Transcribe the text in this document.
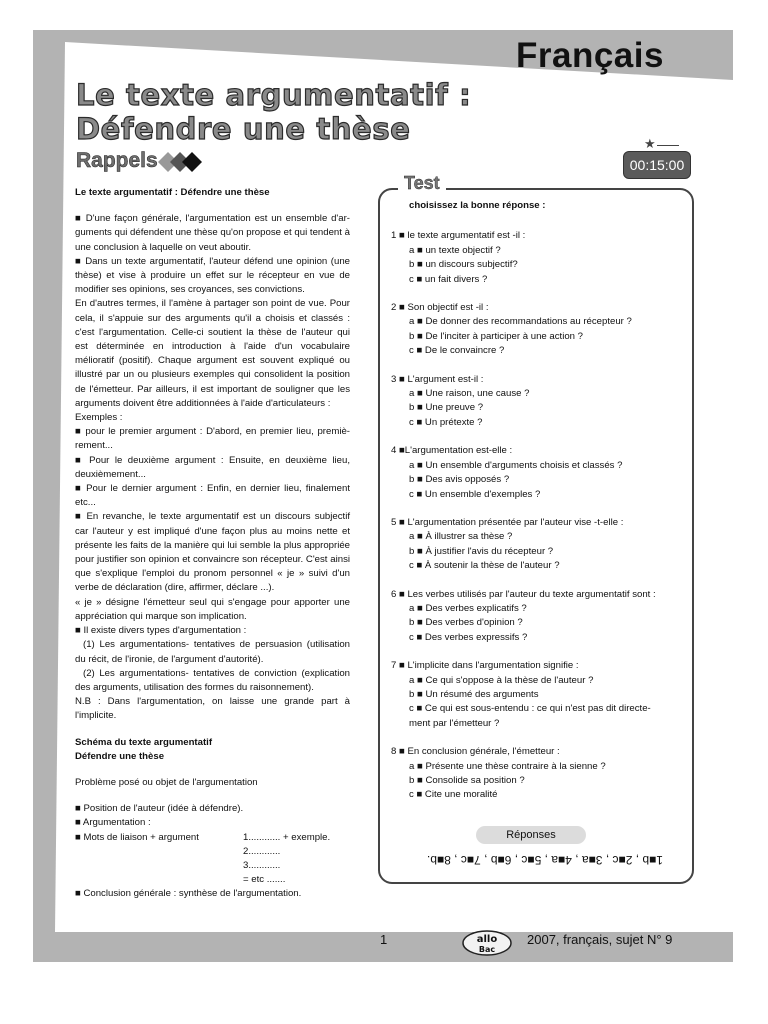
Français
Le texte argumentatif :
Défendre une thèse
Rappels
★
00:15:00

Le texte argumentatif : Défendre une thèse

■ D'une façon générale, l'argumentation est un ensemble d'arguments qui défendent une thèse qu'on propose et qui tendent à une conclusion à laquelle on veut aboutir.

■ Dans un texte argumentatif, l'auteur défend une opinion (une thèse) et vise à produire un effet sur le récepteur en vue de modifier ses opinions, ses croyances, ses convictions.

En d'autres termes, il l'amène à partager son point de vue. Pour cela, il s'appuie sur des arguments qu'il a choisis et classés : c'est l'argumentation. Celle-ci soutient la thèse de l'auteur qui est déterminée en introduction à l'aide d'un vocabulaire mélioratif (positif). Chaque argument est souvent expliqué ou illustré par un ou plusieurs exemples qui consolident la position de l'émetteur. Par ailleurs, il est important de souligner que les arguments doivent être additionnées à l'aide d'articulateurs :

Exemples :

■ pour le premier argument : D'abord, en premier lieu, premièrement...

■ Pour le deuxième argument : Ensuite, en deuxième lieu, deuxièmement...

■ Pour le dernier argument : Enfin, en dernier lieu, finalement etc...

■ En revanche, le texte argumentatif est un discours subjectif car l'auteur y est impliqué d'une façon plus au moins nette et présente les faits de la manière qui lui semble la plus appropriée pour justifier son opinion et convaincre son récepteur. C'est ainsi que s'explique l'emploi du pronom personnel « je » suivi d'un verbe de déclaration (dire, affirmer, déclare ...).

« je » désigne l'émetteur seul qui s'engage pour apporter une appréciation qui marque son implication.

■ Il existe divers types d'argumentation :

(1) Les argumentations- tentatives de persuasion (utilisation du récit, de l'ironie, de l'argument d'autorité).

(2) Les argumentations- tentatives de conviction (explication des arguments, utilisation des formes du raisonnement).

N.B : Dans l'argumentation, on laisse une grande part à l'implicite.

Schéma du texte argumentatif

Défendre une thèse

Problème posé ou objet de l'argumentation

■ Position de l'auteur (idée à défendre).

■ Argumentation :

■ Mots de liaison + argument	1............ + exemple.
2............
3............
= etc .......

■ Conclusion générale : synthèse de l'argumentation.

Test
choisissez la bonne réponse :
1 ■ le texte argumentatif est -il :
a ■ un texte objectif ?
b ■ un discours subjectif?
c ■ un fait divers ?
2 ■ Son objectif est -il :
a ■ De donner des recommandations au récepteur ?
b ■ De l'inciter à participer à une action ?
c ■ De le convaincre ?
3 ■ L'argument est-il :
a ■ Une raison, une cause ?
b ■ Une preuve ?
c ■ Un prétexte ?
4 ■L'argumentation est-elle :
a ■ Un ensemble d'arguments choisis et classés ?
b ■ Des avis opposés ?
c ■ Un ensemble d'exemples ?
5 ■ L'argumentation présentée par l'auteur vise -t-elle :
a ■ À illustrer sa thèse ?
b ■ À justifier l'avis du récepteur ?
c ■ À soutenir la thèse de l'auteur ?
6 ■ Les verbes utilisés par l'auteur du texte argumentatif sont :
a ■ Des verbes explicatifs ?
b ■ Des verbes d'opinion ?
c ■ Des verbes expressifs ?
7 ■ L'implicite dans l'argumentation signifie :
a ■ Ce qui s'oppose à la thèse de l'auteur ?
b ■ Un résumé des arguments
c ■ Ce qui est sous-entendu : ce qui n'est pas dit directe-
ment par l'émetteur ?
8 ■ En conclusion générale, l'émetteur :
a ■ Présente une thèse contraire à la sienne ?
b ■ Consolide sa position ?
c ■ Cite une moralité
Réponses
1■b , 2■c , 3■a , 4■a , 5■c , 6■b , 7■c , 8■b.
1	allo
Bac
2007, français, sujet N° 9
